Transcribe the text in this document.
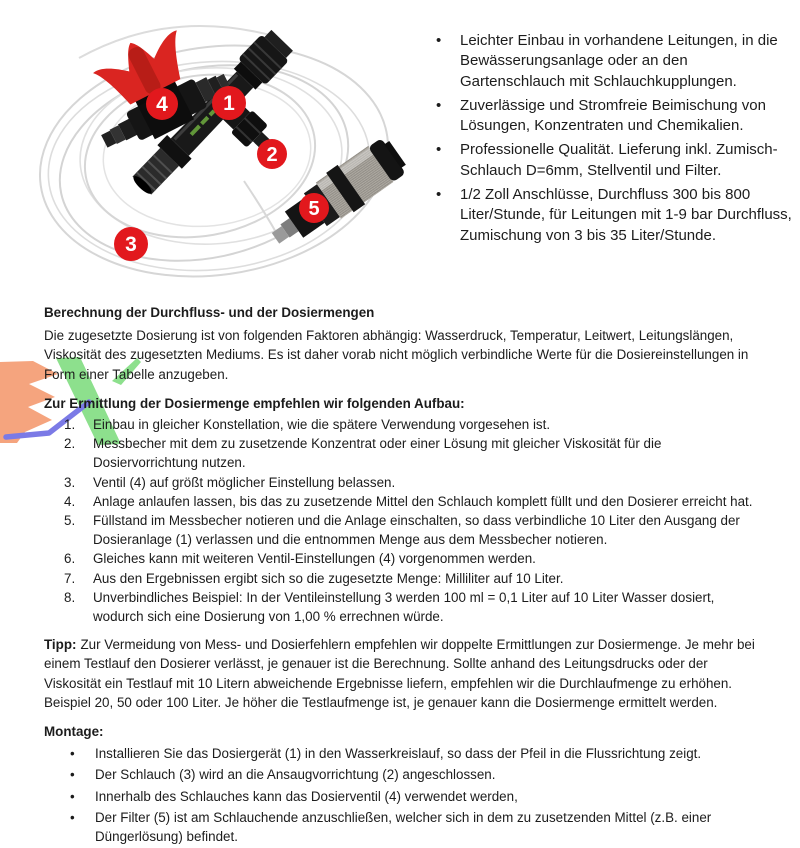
1
2
3
4
5
•	Leichter Einbau in vorhandene Leitungen, in die Bewässerungsanlage oder an den Gartenschlauch mit Schlauchkupplungen.
•	Zuverlässige und Stromfreie Beimischung von Lösungen, Konzentraten und Chemikalien.
•	Professionelle Qualität. Lieferung inkl. Zumisch-Schlauch D=6mm, Stellventil und Filter.
•	1/2 Zoll Anschlüsse, Durchfluss 300 bis 800 Liter/Stunde, für Leitungen mit 1-9 bar Durchfluss, Zumischung von 3 bis 35 Liter/Stunde.
Berechnung der Durchfluss- und der Dosiermengen

Die zugesetzte Dosierung ist von folgenden Faktoren abhängig: Wasserdruck, Temperatur, Leitwert, Leitungslängen, Viskosität des zugesetzten Mediums. Es ist daher vorab nicht möglich verbindliche Werte für die Dosiereinstellungen in Form einer Tabelle anzugeben.

Zur Ermittlung der Dosiermenge empfehlen wir folgenden Aufbau:
1.	Einbau in gleicher Konstellation, wie die spätere Verwendung vorgesehen ist.
2.	Messbecher mit dem zu zusetzende Konzentrat oder einer Lösung mit gleicher Viskosität für die Dosiervorrichtung nutzen.
3.	Ventil (4) auf größt möglicher Einstellung belassen.
4.	Anlage anlaufen lassen, bis das zu zusetzende Mittel den Schlauch komplett füllt und den Dosierer erreicht hat.
5.	Füllstand im Messbecher notieren und die Anlage einschalten, so dass verbindliche 10 Liter den Ausgang der Dosieranlage (1) verlassen und die entnommen Menge aus dem Messbecher notieren.
6.	Gleiches kann mit weiteren Ventil-Einstellungen (4) vorgenommen werden.
7.	Aus den Ergebnissen ergibt sich so die zugesetzte Menge: Milliliter auf 10 Liter.
8.	Unverbindliches Beispiel: In der Ventileinstellung 3 werden 100 ml = 0,1 Liter auf 10 Liter Wasser dosiert, wodurch sich eine Dosierung von 1,00 % errechnen würde.

Tipp: Zur Vermeidung von Mess- und Dosierfehlern empfehlen wir doppelte Ermittlungen zur Dosiermenge. Je mehr bei einem Testlauf den Dosierer verlässt, je genauer ist die Berechnung. Sollte anhand des Leitungsdrucks oder der Viskosität ein Testlauf mit 10 Litern abweichende Ergebnisse liefern, empfehlen wir die Durchlaufmenge zu erhöhen. Beispiel 20, 50 oder 100 Liter. Je höher die Testlaufmenge ist, je genauer kann die Dosiermenge ermittelt werden.

Montage:
•	Installieren Sie das Dosiergerät (1) in den Wasserkreislauf, so dass der Pfeil in die Flussrichtung zeigt.
•	Der Schlauch (3) wird an die Ansaugvorrichtung (2) angeschlossen.
•	Innerhalb des Schlauches kann das Dosierventil (4) verwendet werden,
•	Der Filter (5) ist am Schlauchende anzuschließen, welcher sich in dem zu zusetzenden Mittel (z.B. einer Düngerlösung) befindet.
